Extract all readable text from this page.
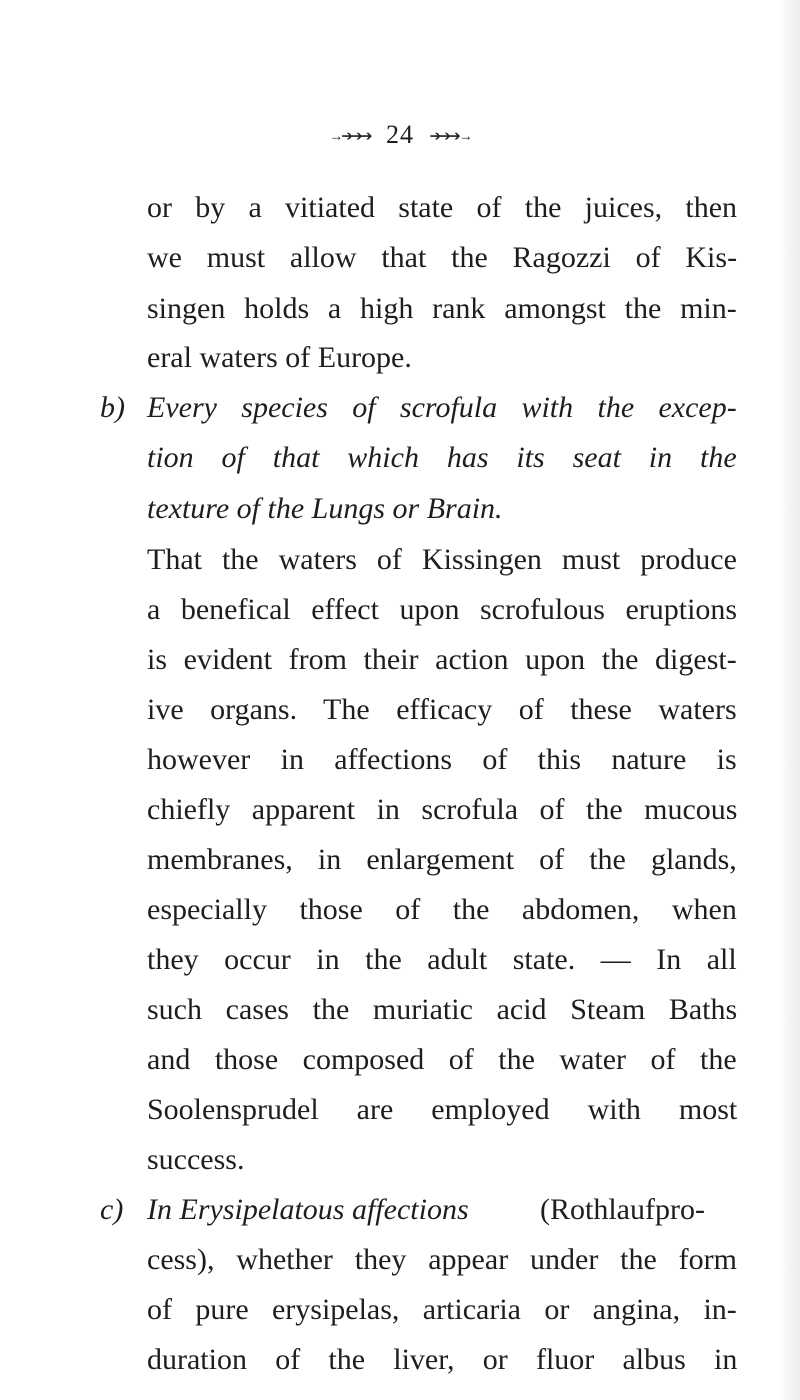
→➔➔➔ 24 ➔➔➔→
or by a vitiated state of the juices, then
we must allow that the Ragozzi of Kis-
singen holds a high rank amongst the min-
eral waters of Europe.
b) Every species of scrofula with the excep-
tion of that which has its seat in the
texture of the Lungs or Brain.
That the waters of Kissingen must produce
a benefical effect upon scrofulous eruptions
is evident from their action upon the digest-
ive organs. The efficacy of these waters
however in affections of this nature is
chiefly apparent in scrofula of the mucous
membranes, in enlargement of the glands,
especially those of the abdomen, when
they occur in the adult state. — In all
such cases the muriatic acid Steam Baths
and those composed of the water of the
Soolensprudel are employed with most
success.
c) In Erysipelatous affections	(Rothlaufpro-
cess), whether they appear under the form
of pure erysipelas, articaria or angina, in-
duration of the liver, or fluor albus in
